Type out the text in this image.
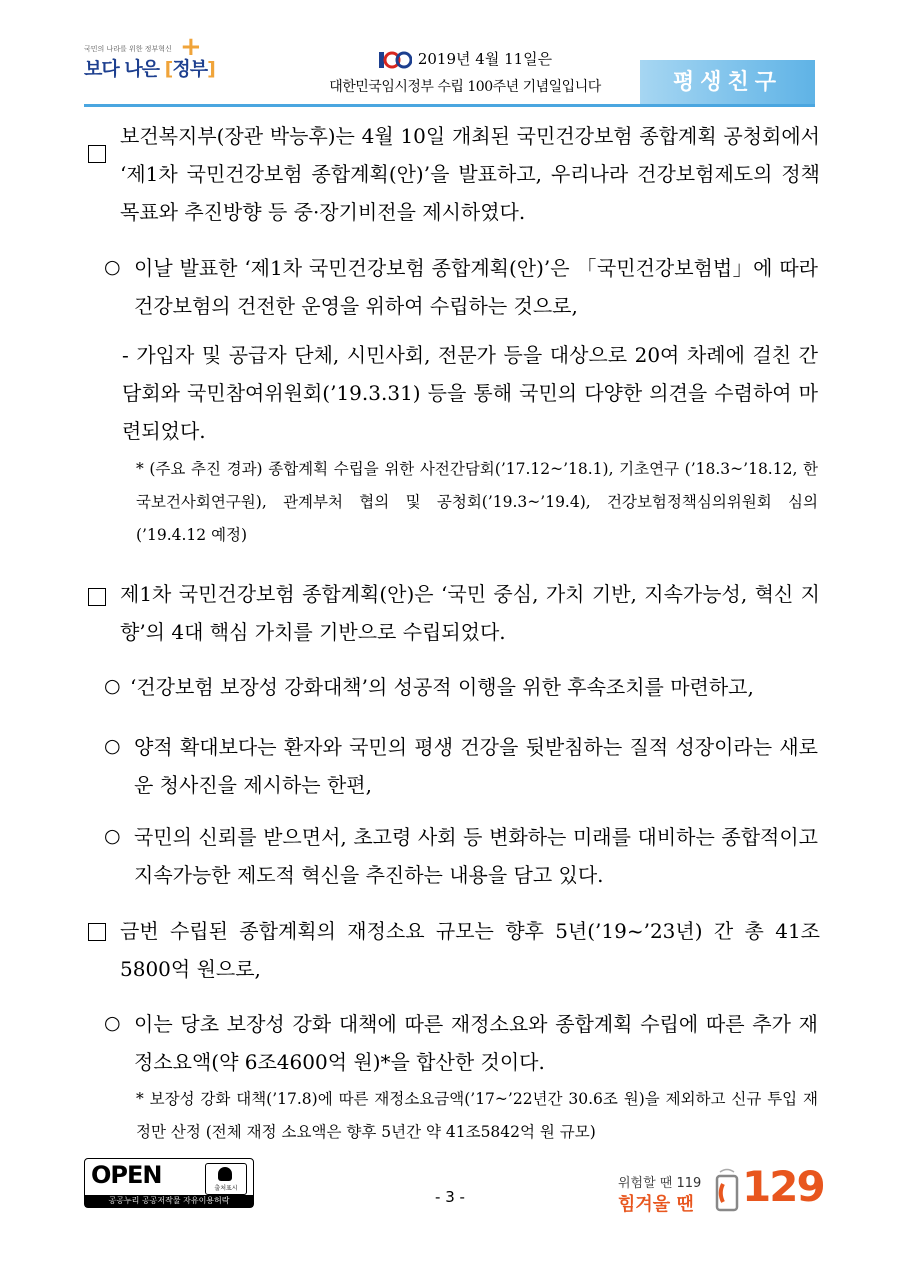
국민의 나라를 위한 정부혁신
보다 나은 [정부]
+	2019년 4월 11일은
대한민국임시정부 수립 100주년 기념일입니다	평생친구
보건복지부(장관 박능후)는 4월 10일 개최된 국민건강보험 종합계획 공청회에서 ‘제1차 국민건강보험 종합계획(안)’을 발표하고, 우리나라 건강보험제도의 정책목표와 추진방향 등 중·장기비전을 제시하였다.
○ 이날 발표한 ‘제1차 국민건강보험 종합계획(안)’은 「국민건강보험법」에 따라 건강보험의 건전한 운영을 위하여 수립하는 것으로,
- 가입자 및 공급자 단체, 시민사회, 전문가 등을 대상으로 20여 차례에 걸친 간담회와 국민참여위원회(’19.3.31) 등을 통해 국민의 다양한 의견을 수렴하여 마련되었다.
* (주요 추진 경과) 종합계획 수립을 위한 사전간담회(’17.12~’18.1), 기초연구 (’18.3~’18.12, 한국보건사회연구원), 관계부처 협의 및 공청회(’19.3~’19.4), 건강보험정책심의위원회 심의(’19.4.12 예정)
제1차 국민건강보험 종합계획(안)은 ‘국민 중심, 가치 기반, 지속가능성, 혁신 지향’의 4대 핵심 가치를 기반으로 수립되었다.
○ ‘건강보험 보장성 강화대책’의 성공적 이행을 위한 후속조치를 마련하고,
○ 양적 확대보다는 환자와 국민의 평생 건강을 뒷받침하는 질적 성장이라는 새로운 청사진을 제시하는 한편,
○ 국민의 신뢰를 받으면서, 초고령 사회 등 변화하는 미래를 대비하는 종합적이고 지속가능한 제도적 혁신을 추진하는 내용을 담고 있다.
금번 수립된 종합계획의 재정소요 규모는 향후 5년(’19~’23년) 간 총 41조5800억 원으로,
○ 이는 당초 보장성 강화 대책에 따른 재정소요와 종합계획 수립에 따른 추가 재정소요액(약 6조4600억 원)*을 합산한 것이다.
* 보장성 강화 대책(’17.8)에 따른 재정소요금액(’17~’22년간 30.6조 원)을 제외하고 신규 투입 재정만 산정 (전체 재정 소요액은 향후 5년간 약 41조5842억 원 규모)
OPEN	출처표시
공공누리 공공저작물 자유이용허락	- 3 -
위험할 땐 119
힘겨울 땐 129
